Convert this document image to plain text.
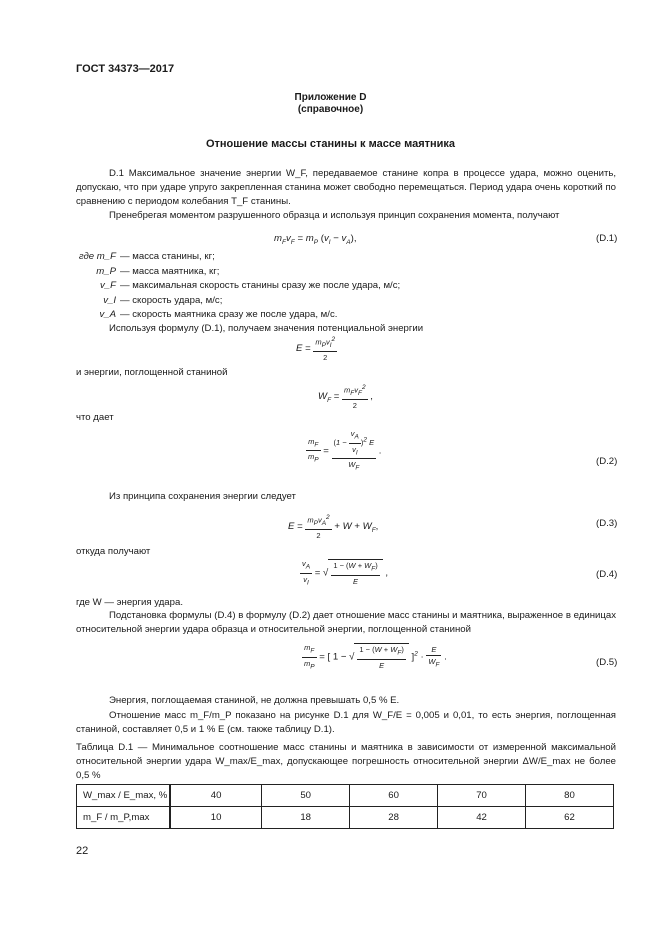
ГОСТ 34373—2017
Приложение D
(справочное)
Отношение массы станины к массе маятника
D.1 Максимальное значение энергии W_F, передаваемое станине копра в процессе удара, можно оценить, допускаю, что при ударе упруго закрепленная станина может свободно перемещаться. Период удара очень короткий по сравнению с периодом колебания T_F станины.
Пренебрегая моментом разрушенного образца и используя принцип сохранения момента, получают
$m_Fv_F = m_P$ $(v_I - v_A)$,	(D.1)
где m_F — масса станины, кг;
m_P — масса маятника, кг;
v_F — максимальная скорость станины сразу же после удара, м/с;
v_I — скорость удара, м/с;
v_A — скорость маятника сразу же после удара, м/с.
Используя формулу (D.1), получаем значения потенциальной энергии
$E = \frac{m_Pv_I^2}{2}$
и энергии, поглощенной станиной
$W_F = \frac{m_Fv_F^2}{2}$ ,
что дает
$\frac{m_F}{m_P} = \frac{(1 - \frac{v_A}{v_I} )^2 E}{W_F}$ .
(D.2)
Из принципа сохранения энергии следует
$E = \frac{m_Pv_A^2}{2} + W + W_F$,	(D.3)
откуда получают
$\frac{v_A}{v_I}$ = √ $\frac{1 - (W + W_F)}{E}$ ,	(D.4)
где W — энергия удара.
Подстановка формулы (D.4) в формулу (D.2) дает отношение масс станины и маятника, выраженное в единицах относительной энергии удара образца и относительной энергии, поглощенной станиной
$\frac{m_F}{m_P}$ = [ 1 − √ $\frac{1 - (W + W_F)}{E} ]^2 \cdot \frac{E}{W_F}$ .	(D.5)
Энергия, поглощаемая станиной, не должна превышать 0,5 % E.
Отношение масс m_F/m_P показано на рисунке D.1 для W_F/E = 0,005 и 0,01, то есть энергия, поглощенная станиной, составляет 0,5 и 1 % E (см. также таблицу D.1).
Таблица D.1 — Минимальное соотношение масс станины и маятника в зависимости от измеренной максимальной относительной энергии удара W_max/E_max, допускающее погрешность относительной энергии ΔW/E_max не более 0,5 %
W_max / E_max, %	40	50	60	70	80
m_F / m_P,max	10	18	28	42	62
22
